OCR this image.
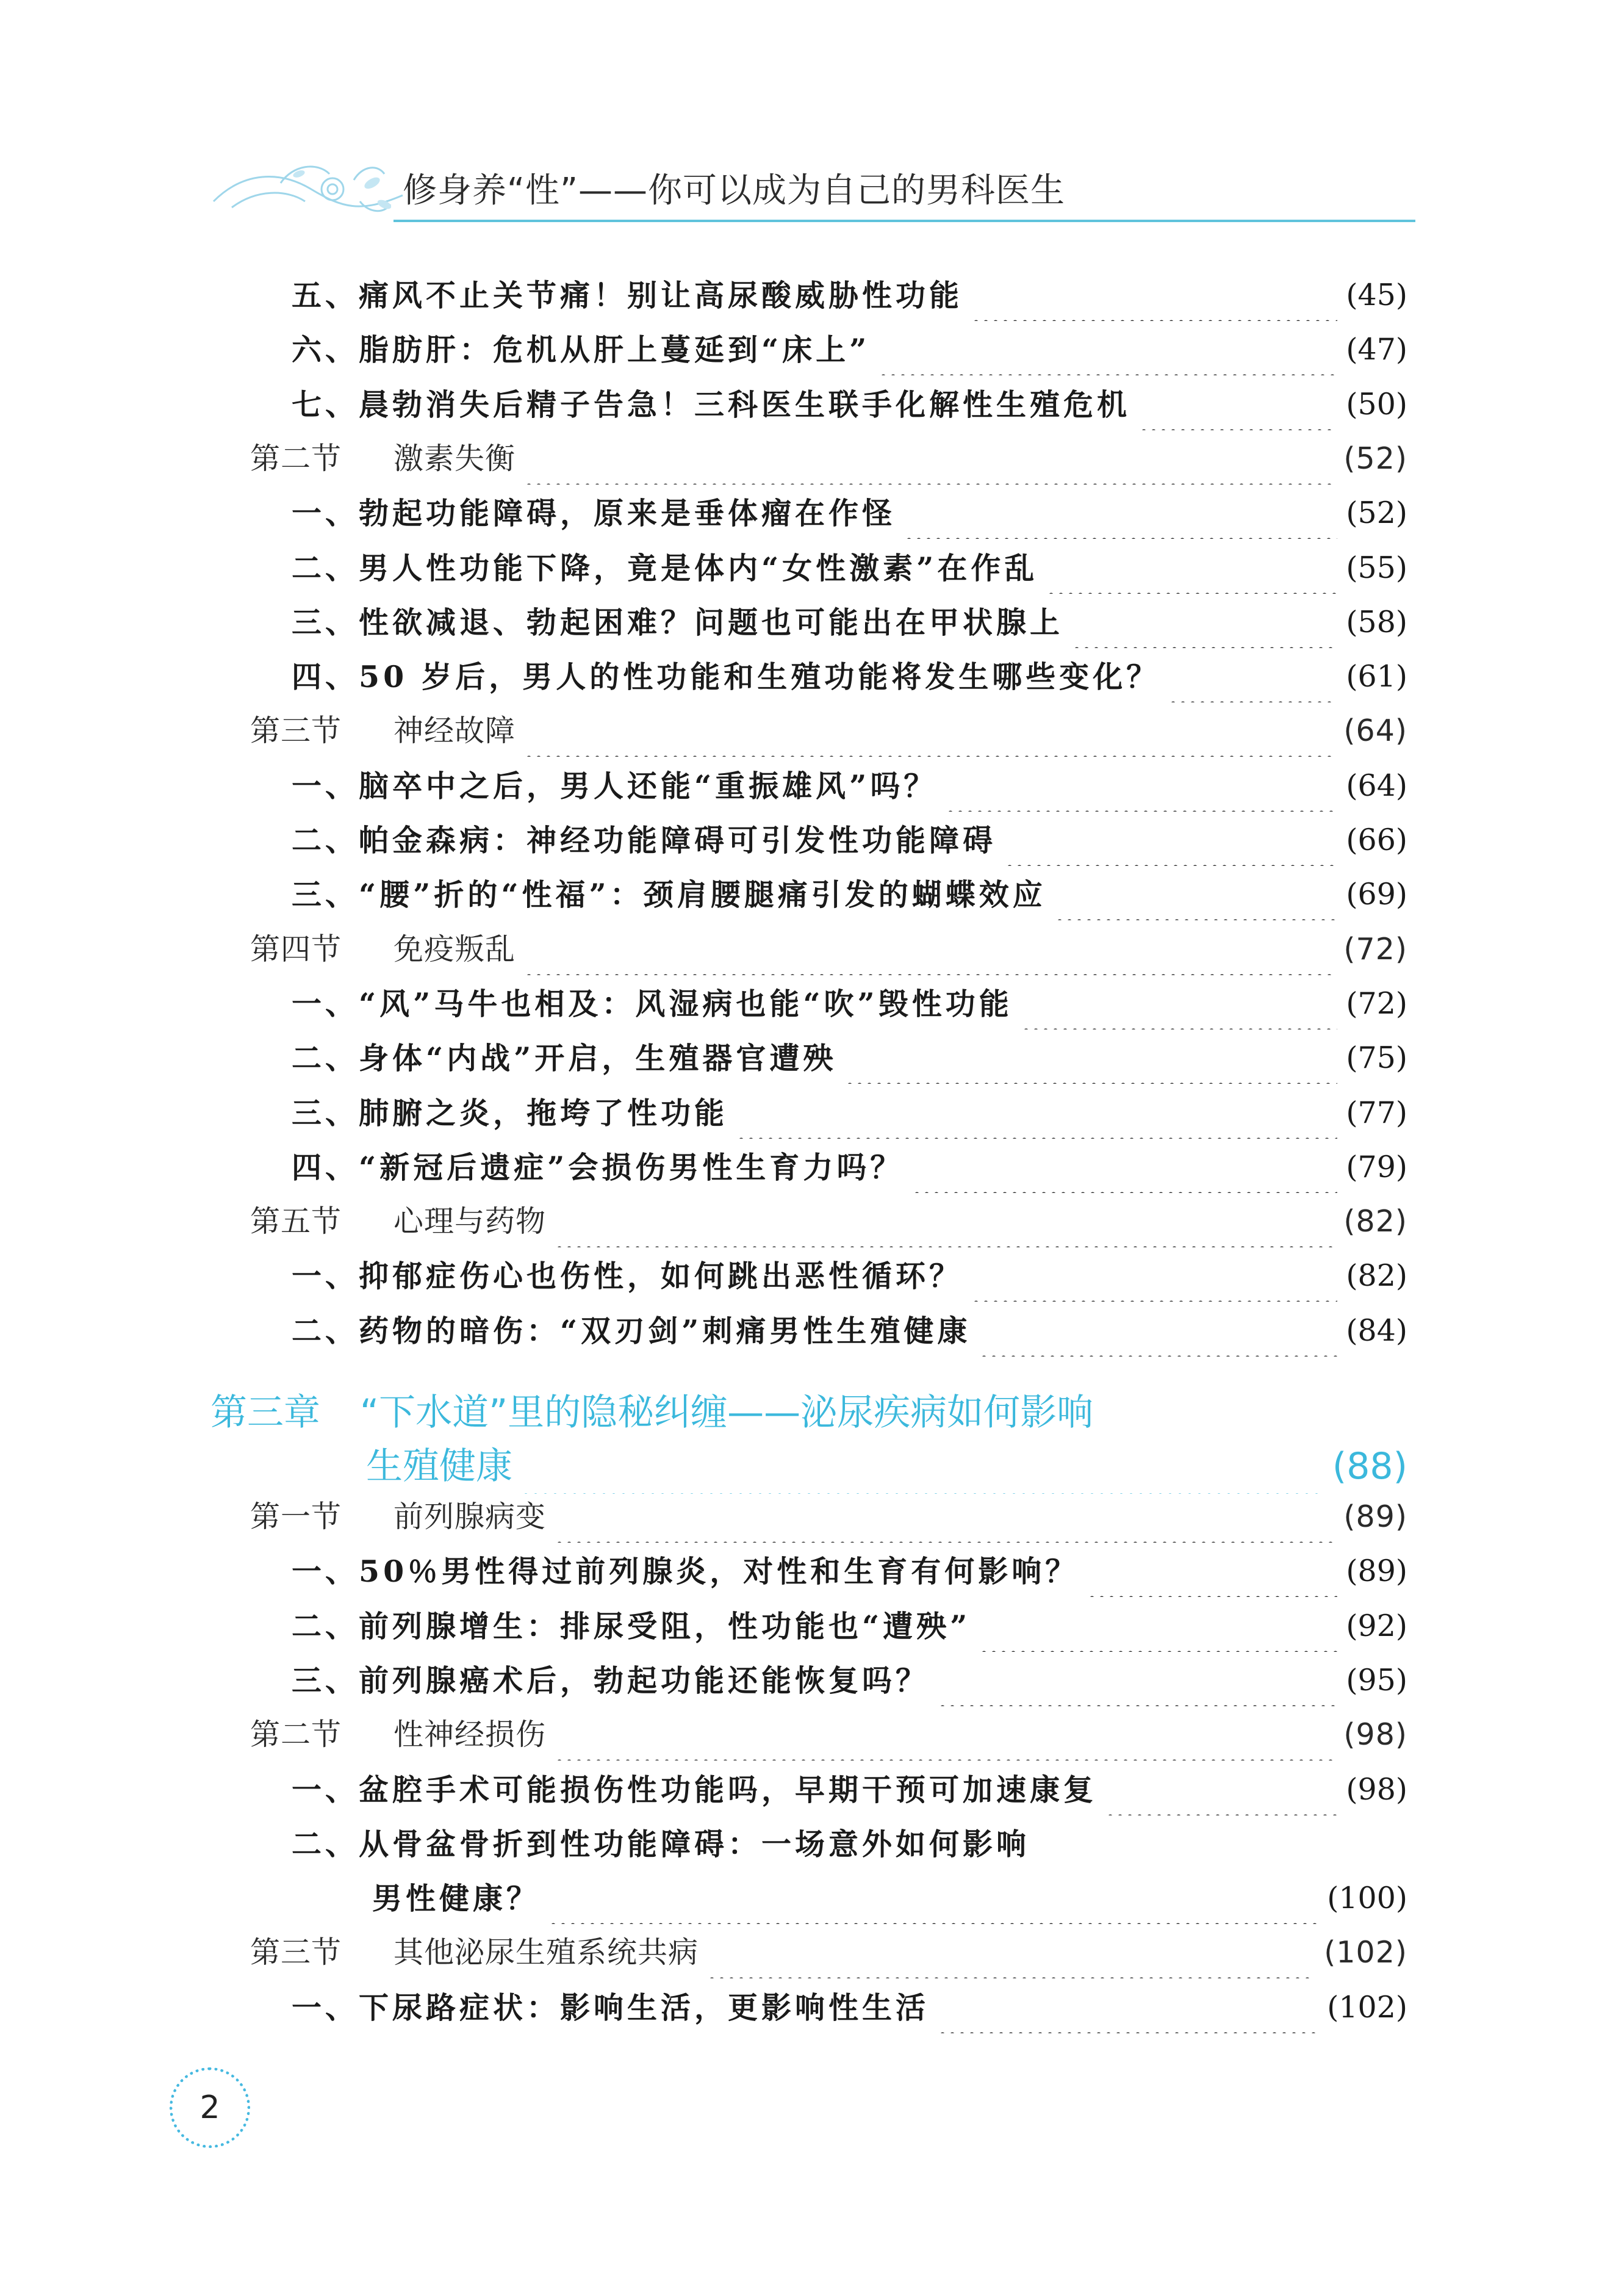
修身养“性”——你可以成为自己的男科医生
五、痛风不止关节痛！别让高尿酸威胁性功能	(45)
六、脂肪肝：危机从肝上蔓延到“床上”	(47)
七、晨勃消失后精子告急！三科医生联手化解性生殖危机	(50)
第二节 激素失衡	(52)
一、勃起功能障碍，原来是垂体瘤在作怪	(52)
二、男人性功能下降，竟是体内“女性激素”在作乱	(55)
三、性欲减退、勃起困难？问题也可能出在甲状腺上	(58)
四、50 岁后，男人的性功能和生殖功能将发生哪些变化？	(61)
第三节 神经故障	(64)
一、脑卒中之后，男人还能“重振雄风”吗？	(64)
二、帕金森病：神经功能障碍可引发性功能障碍	(66)
三、“腰”折的“性福”：颈肩腰腿痛引发的蝴蝶效应	(69)
第四节 免疫叛乱	(72)
一、“风”马牛也相及：风湿病也能“吹”毁性功能	(72)
二、身体“内战”开启，生殖器官遭殃	(75)
三、肺腑之炎，拖垮了性功能	(77)
四、“新冠后遗症”会损伤男性生育力吗？	(79)
第五节 心理与药物	(82)
一、抑郁症伤心也伤性，如何跳出恶性循环？	(82)
二、药物的暗伤：“双刃剑”刺痛男性生殖健康	(84)
第三章 “下水道”里的隐秘纠缠——泌尿疾病如何影响
生殖健康	(88)
第一节 前列腺病变	(89)
一、50％男性得过前列腺炎，对性和生育有何影响？	(89)
二、前列腺增生：排尿受阻，性功能也“遭殃”	(92)
三、前列腺癌术后，勃起功能还能恢复吗？	(95)
第二节 性神经损伤	(98)
一、盆腔手术可能损伤性功能吗，早期干预可加速康复	(98)
二、从骨盆骨折到性功能障碍：一场意外如何影响
男性健康？	(100)
第三节 其他泌尿生殖系统共病	(102)
一、下尿路症状：影响生活，更影响性生活	(102)
2
